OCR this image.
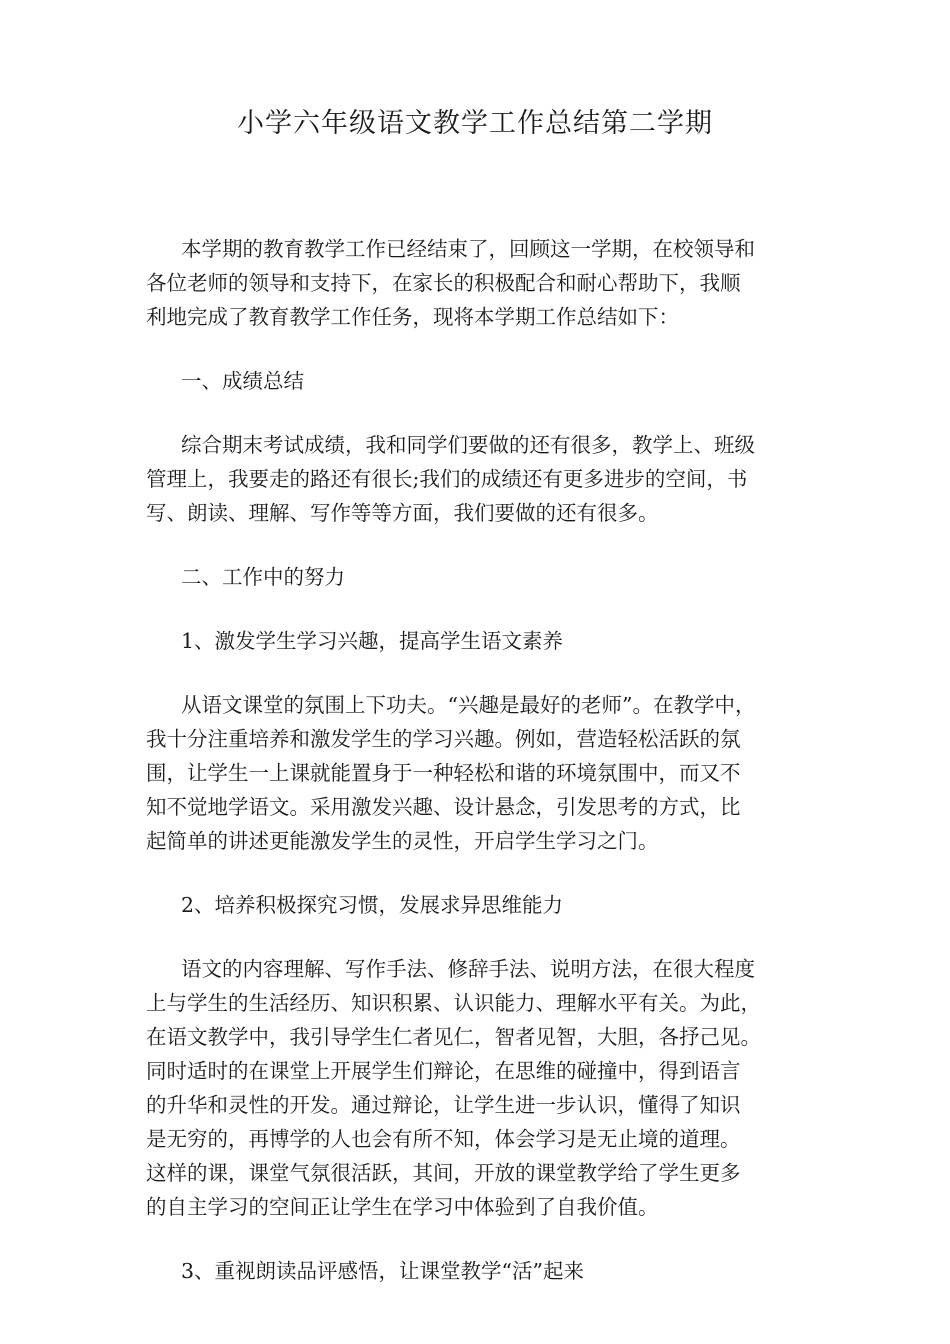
小学六年级语文教学工作总结第二学期

本学期的教育教学工作已经结束了，回顾这一学期，在校领导和
各位老师的领导和支持下，在家长的积极配合和耐心帮助下，我顺
利地完成了教育教学工作任务，现将本学期工作总结如下：

一、成绩总结

综合期末考试成绩，我和同学们要做的还有很多，教学上、班级
管理上，我要走的路还有很长;我们的成绩还有更多进步的空间，书
写、朗读、理解、写作等等方面，我们要做的还有很多。

二、工作中的努力

1、激发学生学习兴趣，提高学生语文素养

从语文课堂的氛围上下功夫。“兴趣是最好的老师”。在教学中，
我十分注重培养和激发学生的学习兴趣。例如，营造轻松活跃的氛
围，让学生一上课就能置身于一种轻松和谐的环境氛围中，而又不
知不觉地学语文。采用激发兴趣、设计悬念，引发思考的方式，比
起简单的讲述更能激发学生的灵性，开启学生学习之门。

2、培养积极探究习惯，发展求异思维能力

语文的内容理解、写作手法、修辞手法、说明方法，在很大程度
上与学生的生活经历、知识积累、认识能力、理解水平有关。为此，
在语文教学中，我引导学生仁者见仁，智者见智，大胆，各抒己见。
同时适时的在课堂上开展学生们辩论，在思维的碰撞中，得到语言
的升华和灵性的开发。通过辩论，让学生进一步认识，懂得了知识
是无穷的，再博学的人也会有所不知，体会学习是无止境的道理。
这样的课，课堂气氛很活跃，其间，开放的课堂教学给了学生更多
的自主学习的空间正让学生在学习中体验到了自我价值。

3、重视朗读品评感悟，让课堂教学“活”起来
